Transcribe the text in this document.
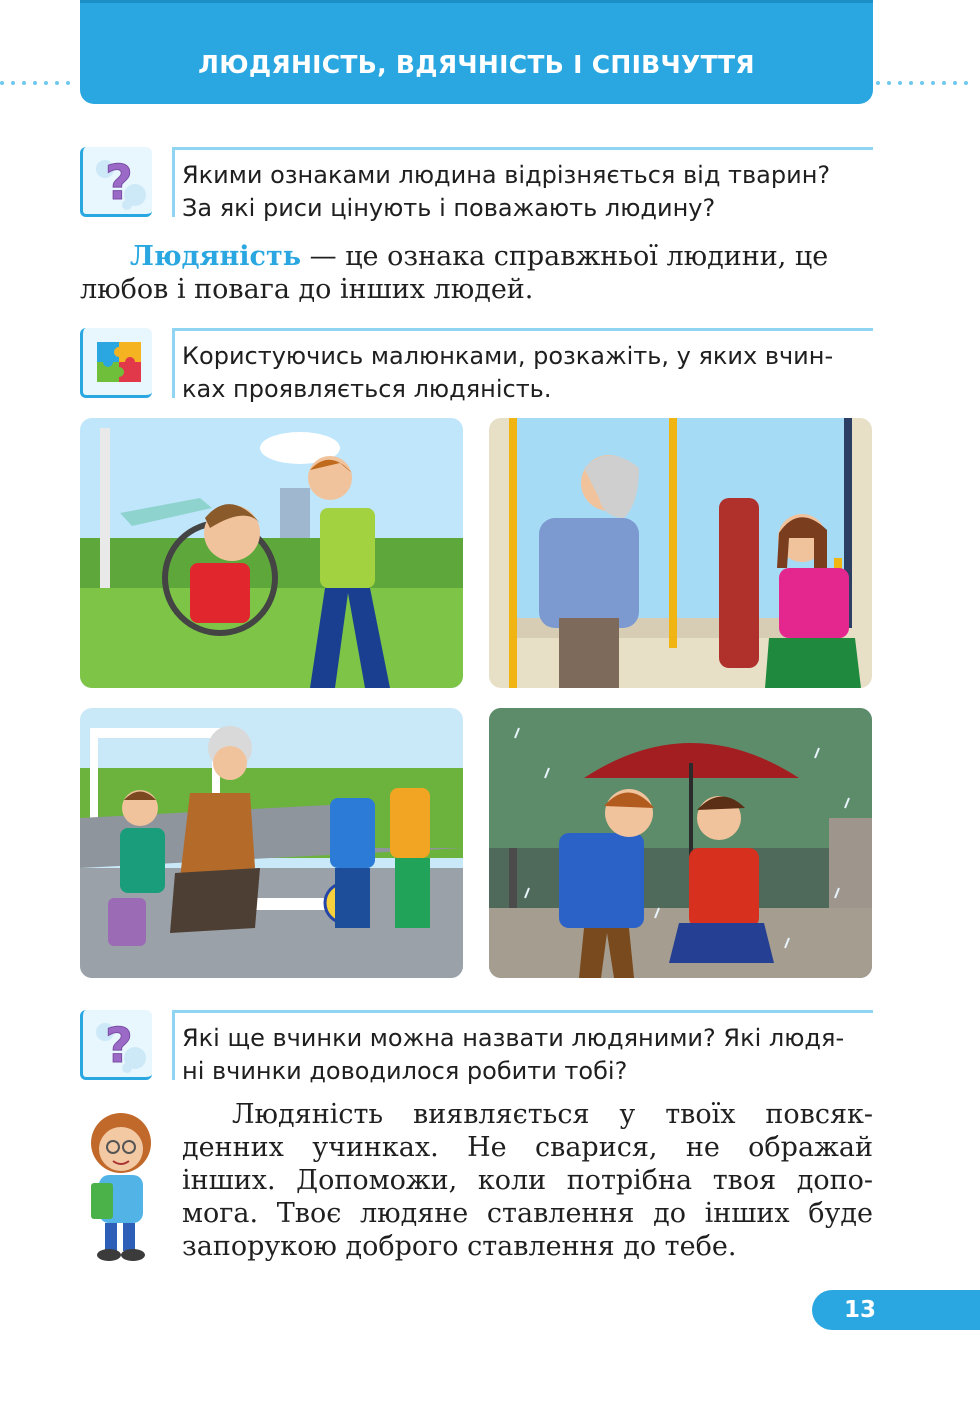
ЛЮДЯНІСТЬ, ВДЯЧНІСТЬ І СПІВЧУТТЯ
? Якими ознаками людина відрізняється від тварин?
За які риси цінують і поважають людину?
Людяність — це ознака справжньої людини, це
любов і повага до інших людей.
Користуючись малюнками, розкажіть, у яких вчин-
ках проявляється людяність.
? Які ще вчинки можна назвати людяними? Які людя-
ні вчинки доводилося робити тобі?
Людяність виявляється у твоїх повсяк-
денних учинках. Не сварися, не ображай
інших. Допоможи, коли потрібна твоя допо-
мога. Твоє людяне ставлення до інших буде
запорукою доброго ставлення до тебе.
13
